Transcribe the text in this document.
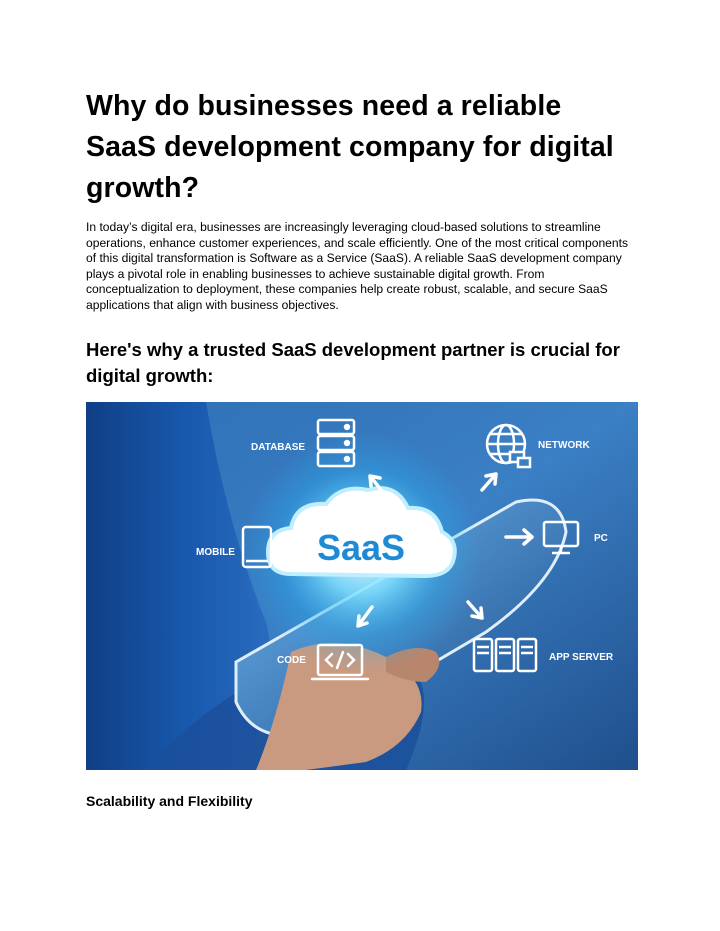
Why do businesses need a reliable SaaS development company for digital growth?

In today’s digital era, businesses are increasingly leveraging cloud-based solutions to streamline operations, enhance customer experiences, and scale efficiently. One of the most critical components of this digital transformation is Software as a Service (SaaS). A reliable SaaS development company plays a pivotal role in enabling businesses to achieve sustainable digital growth. From conceptualization to deployment, these companies help create robust, scalable, and secure SaaS applications that align with business objectives.

Here's why a trusted SaaS development partner is crucial for digital growth:
SaaS
DATABASE	NETWORK
MOBILE
PC
CODE	APP SERVER
Scalability and Flexibility
